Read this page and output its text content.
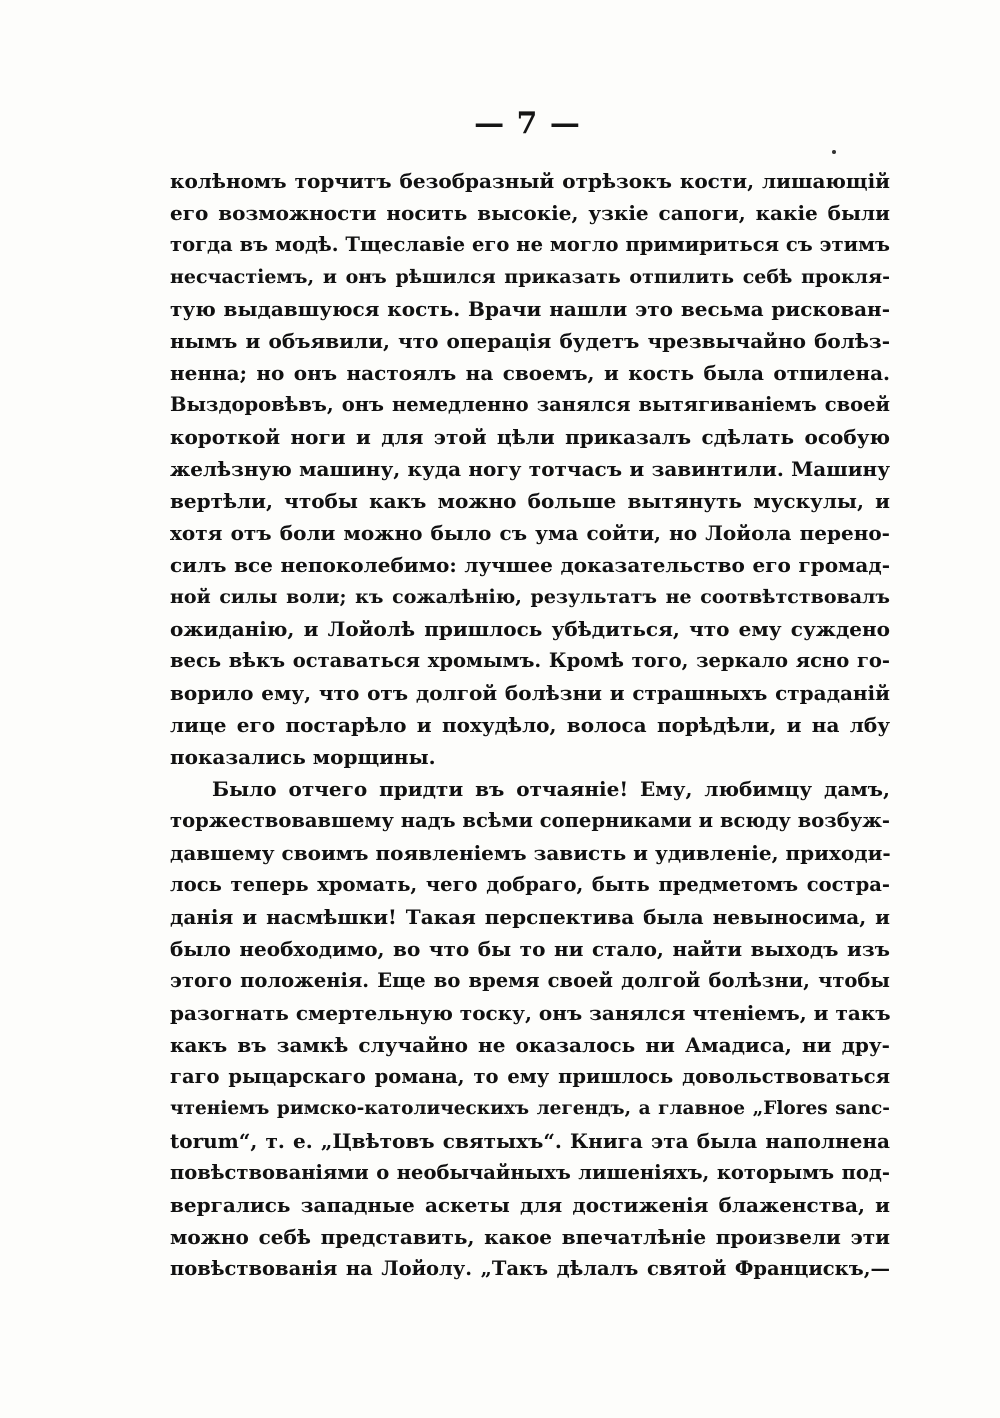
— 7 —
колѣномъ торчитъ безобразный отрѣзокъ кости, лишающій
его возможности носить высокіе, узкіе сапоги, какіе были
тогда въ модѣ. Тщеславіе его не могло примириться съ этимъ
несчастіемъ, и онъ рѣшился приказать отпилить себѣ прокля-
тую выдавшуюся кость. Врачи нашли это весьма рискован-
нымъ и объявили, что операція будетъ чрезвычайно болѣз-
ненна; но онъ настоялъ на своемъ, и кость была отпилена.
Выздоровѣвъ, онъ немедленно занялся вытягиваніемъ своей
короткой ноги и для этой цѣли приказалъ сдѣлать особую
желѣзную машину, куда ногу тотчасъ и завинтили. Машину
вертѣли, чтобы какъ можно больше вытянуть мускулы, и
хотя отъ боли можно было съ ума сойти, но Лойола перено-
силъ все непоколебимо: лучшее доказательство его громад-
ной силы воли; къ сожалѣнію, результатъ не соотвѣтствовалъ
ожиданію, и Лойолѣ пришлось убѣдиться, что ему суждено
весь вѣкъ оставаться хромымъ. Кромѣ того, зеркало ясно го-
ворило ему, что отъ долгой болѣзни и страшныхъ страданій
лице его постарѣло и похудѣло, волоса порѣдѣли, и на лбу
показались морщины.
Было отчего придти въ отчаяніе! Ему, любимцу дамъ,
торжествовавшему надъ всѣми соперниками и всюду возбуж-
давшему своимъ появленіемъ зависть и удивленіе, приходи-
лось теперь хромать, чего добраго, быть предметомъ состра-
данія и насмѣшки! Такая перспектива была невыносима, и
было необходимо, во что бы то ни стало, найти выходъ изъ
этого положенія. Еще во время своей долгой болѣзни, чтобы
разогнать смертельную тоску, онъ занялся чтеніемъ, и такъ
какъ въ замкѣ случайно не оказалось ни Амадиса, ни дру-
гаго рыцарскаго романа, то ему пришлось довольствоваться
чтеніемъ римско-католическихъ легендъ, а главное „Flores sanc-
torum“, т. е. „Цвѣтовъ святыхъ“. Книга эта была наполнена
повѣствованіями о необычайныхъ лишеніяхъ, которымъ под-
вергались западные аскеты для достиженія блаженства, и
можно себѣ представить, какое впечатлѣніе произвели эти
повѣствованія на Лойолу. „Такъ дѣлалъ святой Францискъ,—
